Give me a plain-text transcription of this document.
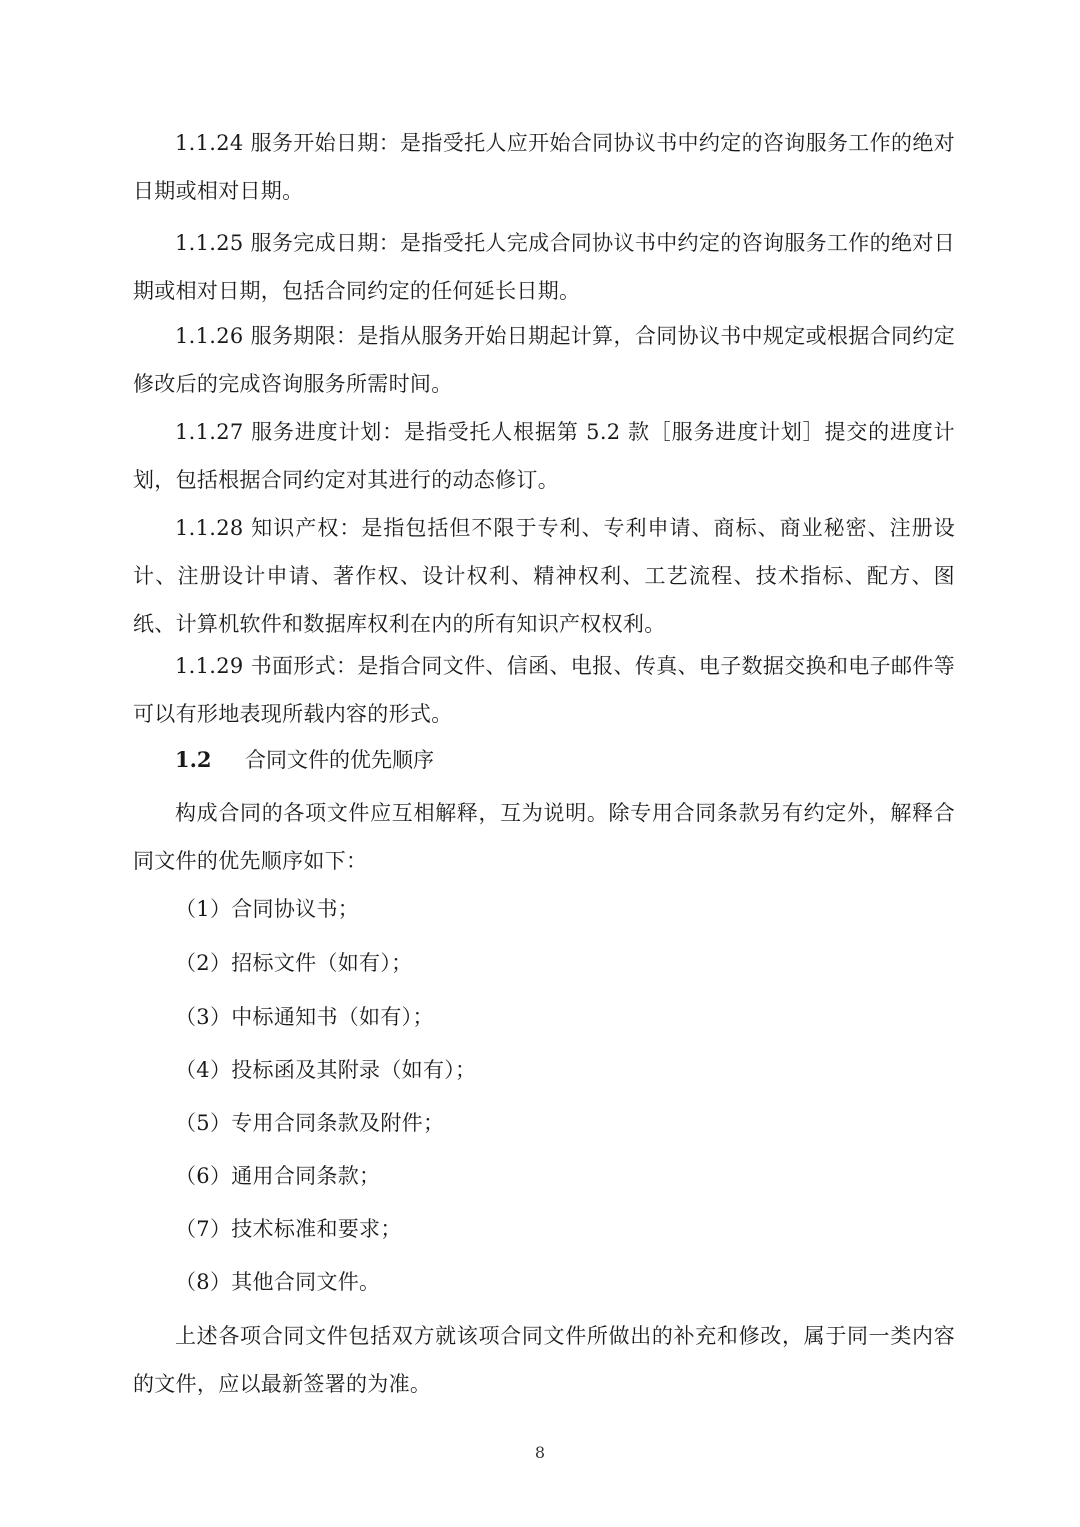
1.1.24 服务开始日期：是指受托人应开始合同协议书中约定的咨询服务工作的绝对日期或相对日期。

1.1.25 服务完成日期：是指受托人完成合同协议书中约定的咨询服务工作的绝对日期或相对日期，包括合同约定的任何延长日期。

1.1.26 服务期限：是指从服务开始日期起计算，合同协议书中规定或根据合同约定修改后的完成咨询服务所需时间。

1.1.27 服务进度计划：是指受托人根据第 5.2 款［服务进度计划］提交的进度计划，包括根据合同约定对其进行的动态修订。

1.1.28 知识产权：是指包括但不限于专利、专利申请、商标、商业秘密、注册设计、注册设计申请、著作权、设计权利、精神权利、工艺流程、技术指标、配方、图纸、计算机软件和数据库权利在内的所有知识产权权利。

1.1.29 书面形式：是指合同文件、信函、电报、传真、电子数据交换和电子邮件等可以有形地表现所载内容的形式。

1.2 合同文件的优先顺序

构成合同的各项文件应互相解释，互为说明。除专用合同条款另有约定外，解释合同文件的优先顺序如下：

（1）合同协议书；

（2）招标文件（如有）；

（3）中标通知书（如有）；

（4）投标函及其附录（如有）；

（5）专用合同条款及附件；

（6）通用合同条款；

（7）技术标准和要求；

（8）其他合同文件。

上述各项合同文件包括双方就该项合同文件所做出的补充和修改，属于同一类内容的文件，应以最新签署的为准。

8
